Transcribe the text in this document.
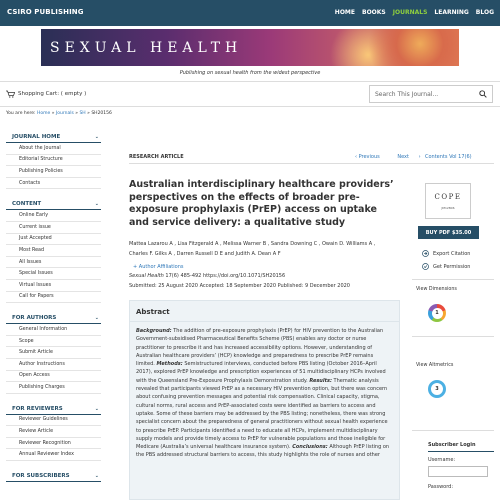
CSIRO PUBLISHING	HOME BOOKS JOURNALS LEARNING BLOG
SEXUAL HEALTH
Publishing on sexual health from the widest perspective
Shopping Cart: ( empty )	Search This Journal...
You are here: Home » Journals » SH » SH20156
JOURNAL HOME	⌄
About the Journal
Editorial Structure
Publishing Policies
Contacts
CONTENT	⌄
Online Early
Current issue
Just Accepted
Most Read
All Issues
Special Issues
Virtual Issues
Call for Papers
FOR AUTHORS	⌄
General Information
Scope
Submit Article
Author Instructions
Open Access
Publishing Charges
FOR REVIEWERS	⌄
Reviewer Guidelines
Review Article
Reviewer Recognition
Annual Reviewer Index
FOR SUBSCRIBERS	⌄
RESEARCH ARTICLE	‹ Previous	Next › Contents Vol 17(6)
Australian interdisciplinary healthcare providers’ perspectives on the effects of broader pre-exposure prophylaxis (PrEP) access on uptake and service delivery: a qualitative study
Mattea Lazarou A , Lisa Fitzgerald A , Melissa Warner B , Sandra Downing C , Owain D. Williams A ,
Charles F. Gilks A , Darren Russell D E and Judith A. Dean A F
+ Author Affiliations
Sexual Health 17(6) 485-492 https://doi.org/10.1071/SH20156
Submitted: 25 August 2020 Accepted: 18 September 2020 Published: 9 December 2020
Abstract
Background: The addition of pre-exposure prophylaxis (PrEP) for HIV prevention to the Australian Government-subsidised Pharmaceutical Benefits Scheme (PBS) enables any doctor or nurse practitioner to prescribe it and has increased accessibility options. However, understanding of Australian healthcare providers’ (HCP) knowledge and preparedness to prescribe PrEP remains limited. Methods: Semistructured interviews, conducted before PBS listing (October 2016–April 2017), explored PrEP knowledge and prescription experiences of 51 multidisciplinary HCPs involved with the Queensland Pre-Exposure Prophylaxis Demonstration study. Results: Thematic analysis revealed that participants viewed PrEP as a necessary HIV prevention option, but there was concern about confusing prevention messages and potential risk compensation. Clinical capacity, stigma, cultural norms, rural access and PrEP-associated costs were identified as barriers to access and uptake. Some of these barriers may be addressed by the PBS listing; nonetheless, there was strong specialist concern about the preparedness of general practitioners without sexual health experience to prescribe PrEP. Participants identified a need to educate all HCPs, implement multidisciplinary supply models and provide timely access to PrEP for vulnerable populations and those ineligible for Medicare (Australia’s universal healthcare insurance system). Conclusions: Although PrEP listing on the PBS addressed structural barriers to access, this study highlights the role of nurses and other
COPE
JM12806
BUY PDF $35.00
Export Citation
Get Permission
View Dimensions
1
View Altmetrics
3
Subscriber Login
Username:
Password:
